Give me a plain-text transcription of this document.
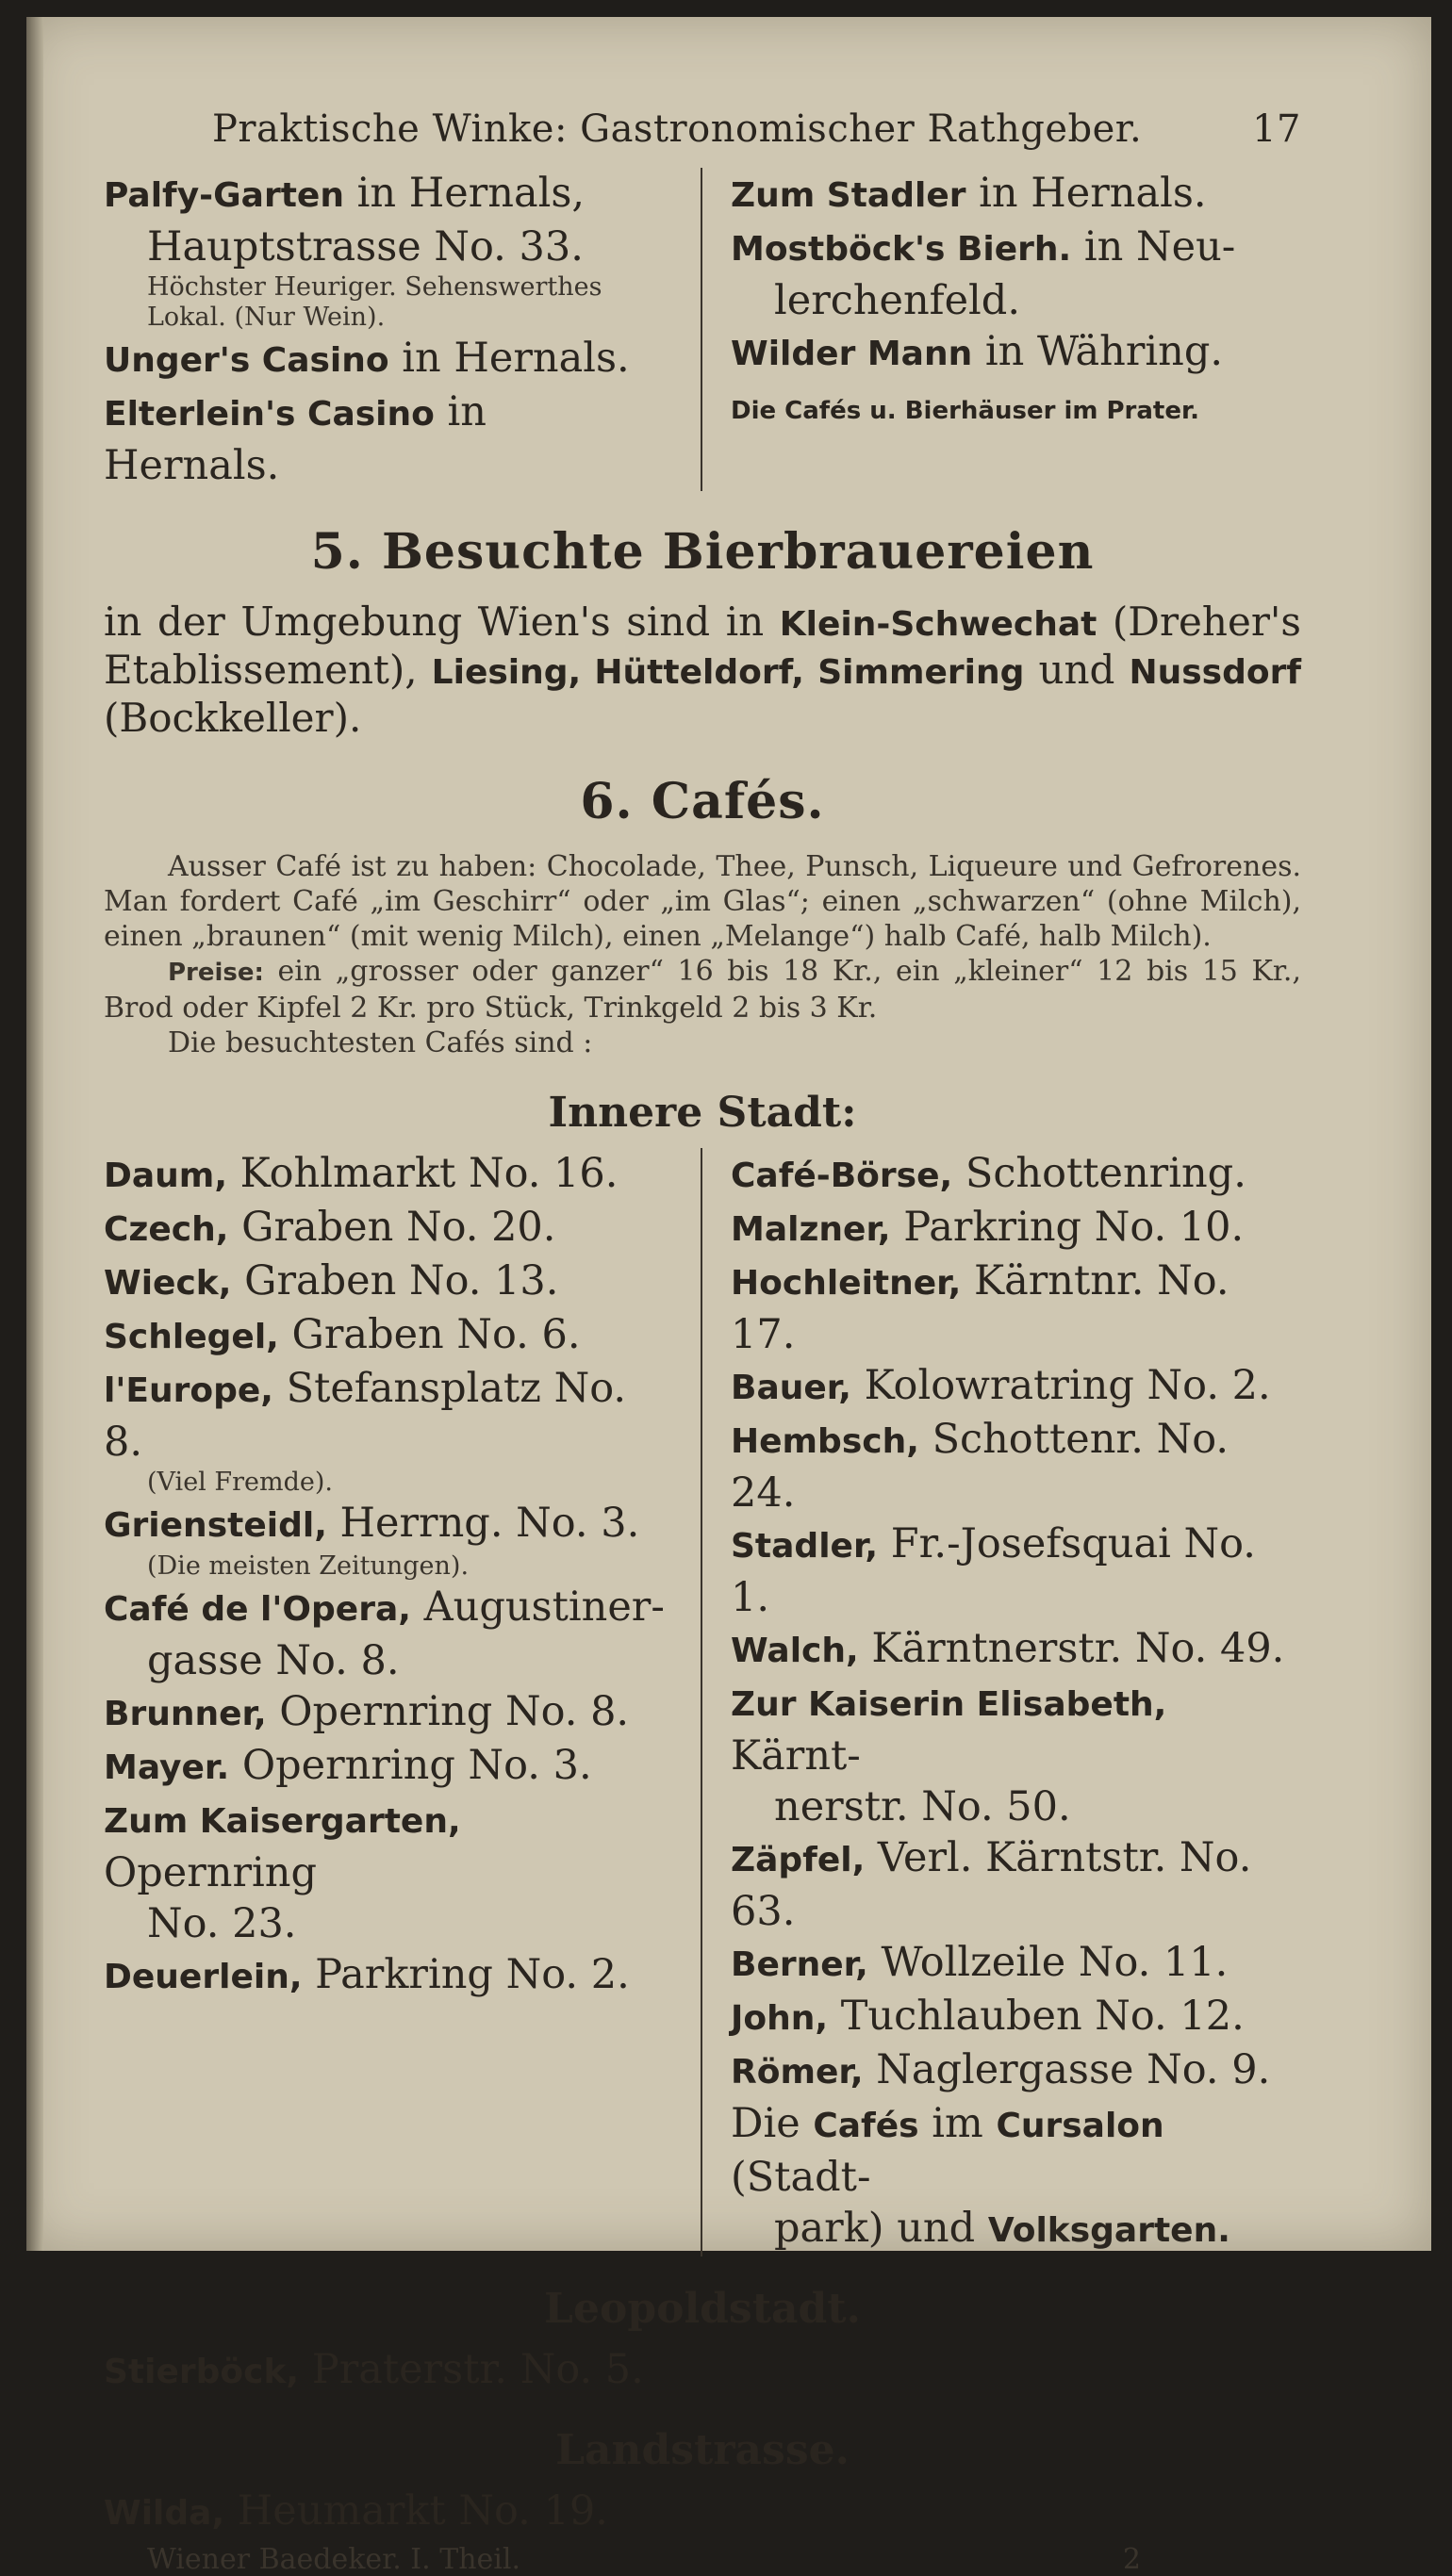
Praktische Winke: Gastronomischer Rathgeber.	17
Palfy-Garten in Hernals,
Hauptstrasse No. 33.
Höchster Heuriger. Sehenswerthes Lokal. (Nur Wein).
Unger's Casino in Hernals.
Elterlein's Casino in Hernals.
Zum Stadler in Hernals.
Mostböck's Bierh. in Neu-
lerchenfeld.
Wilder Mann in Währing.
Die Cafés u. Bierhäuser im Prater.
5. Besuchte Bierbrauereien
in der Umgebung Wien's sind in Klein-Schwechat (Dreher's Etablissement), Liesing, Hütteldorf, Simmering und Nussdorf (Bockkeller).
6. Cafés.
Ausser Café ist zu haben: Chocolade, Thee, Punsch, Liqueure und Gefrorenes. Man fordert Café „im Geschirr“ oder „im Glas“; einen „schwarzen“ (ohne Milch), einen „braunen“ (mit wenig Milch), einen „Melange“) halb Café, halb Milch).
Preise: ein „grosser oder ganzer“ 16 bis 18 Kr., ein „kleiner“ 12 bis 15 Kr., Brod oder Kipfel 2 Kr. pro Stück, Trinkgeld 2 bis 3 Kr.
Die besuchtesten Cafés sind :
Innere Stadt:
Daum, Kohlmarkt No. 16.
Czech, Graben No. 20.
Wieck, Graben No. 13.
Schlegel, Graben No. 6.
l'Europe, Stefansplatz No. 8.
(Viel Fremde).
Griensteidl, Herrng. No. 3.
(Die meisten Zeitungen).
Café de l'Opera, Augustiner-
gasse No. 8.
Brunner, Opernring No. 8.
Mayer. Opernring No. 3.
Zum Kaisergarten, Opernring
No. 23.
Deuerlein, Parkring No. 2.
Café-Börse, Schottenring.
Malzner, Parkring No. 10.
Hochleitner, Kärntnr. No. 17.
Bauer, Kolowratring No. 2.
Hembsch, Schottenr. No. 24.
Stadler, Fr.-Josefsquai No. 1.
Walch, Kärntnerstr. No. 49.
Zur Kaiserin Elisabeth, Kärnt-
nerstr. No. 50.
Zäpfel, Verl. Kärntstr. No. 63.
Berner, Wollzeile No. 11.
John, Tuchlauben No. 12.
Römer, Naglergasse No. 9.
Die Cafés im Cursalon (Stadt-
park) und Volksgarten.
Leopoldstadt.
Stierböck, Praterstr. No. 5.
Landstrasse.
Wilda, Heumarkt No. 19.
Wiener Baedeker. I. Theil.	2
